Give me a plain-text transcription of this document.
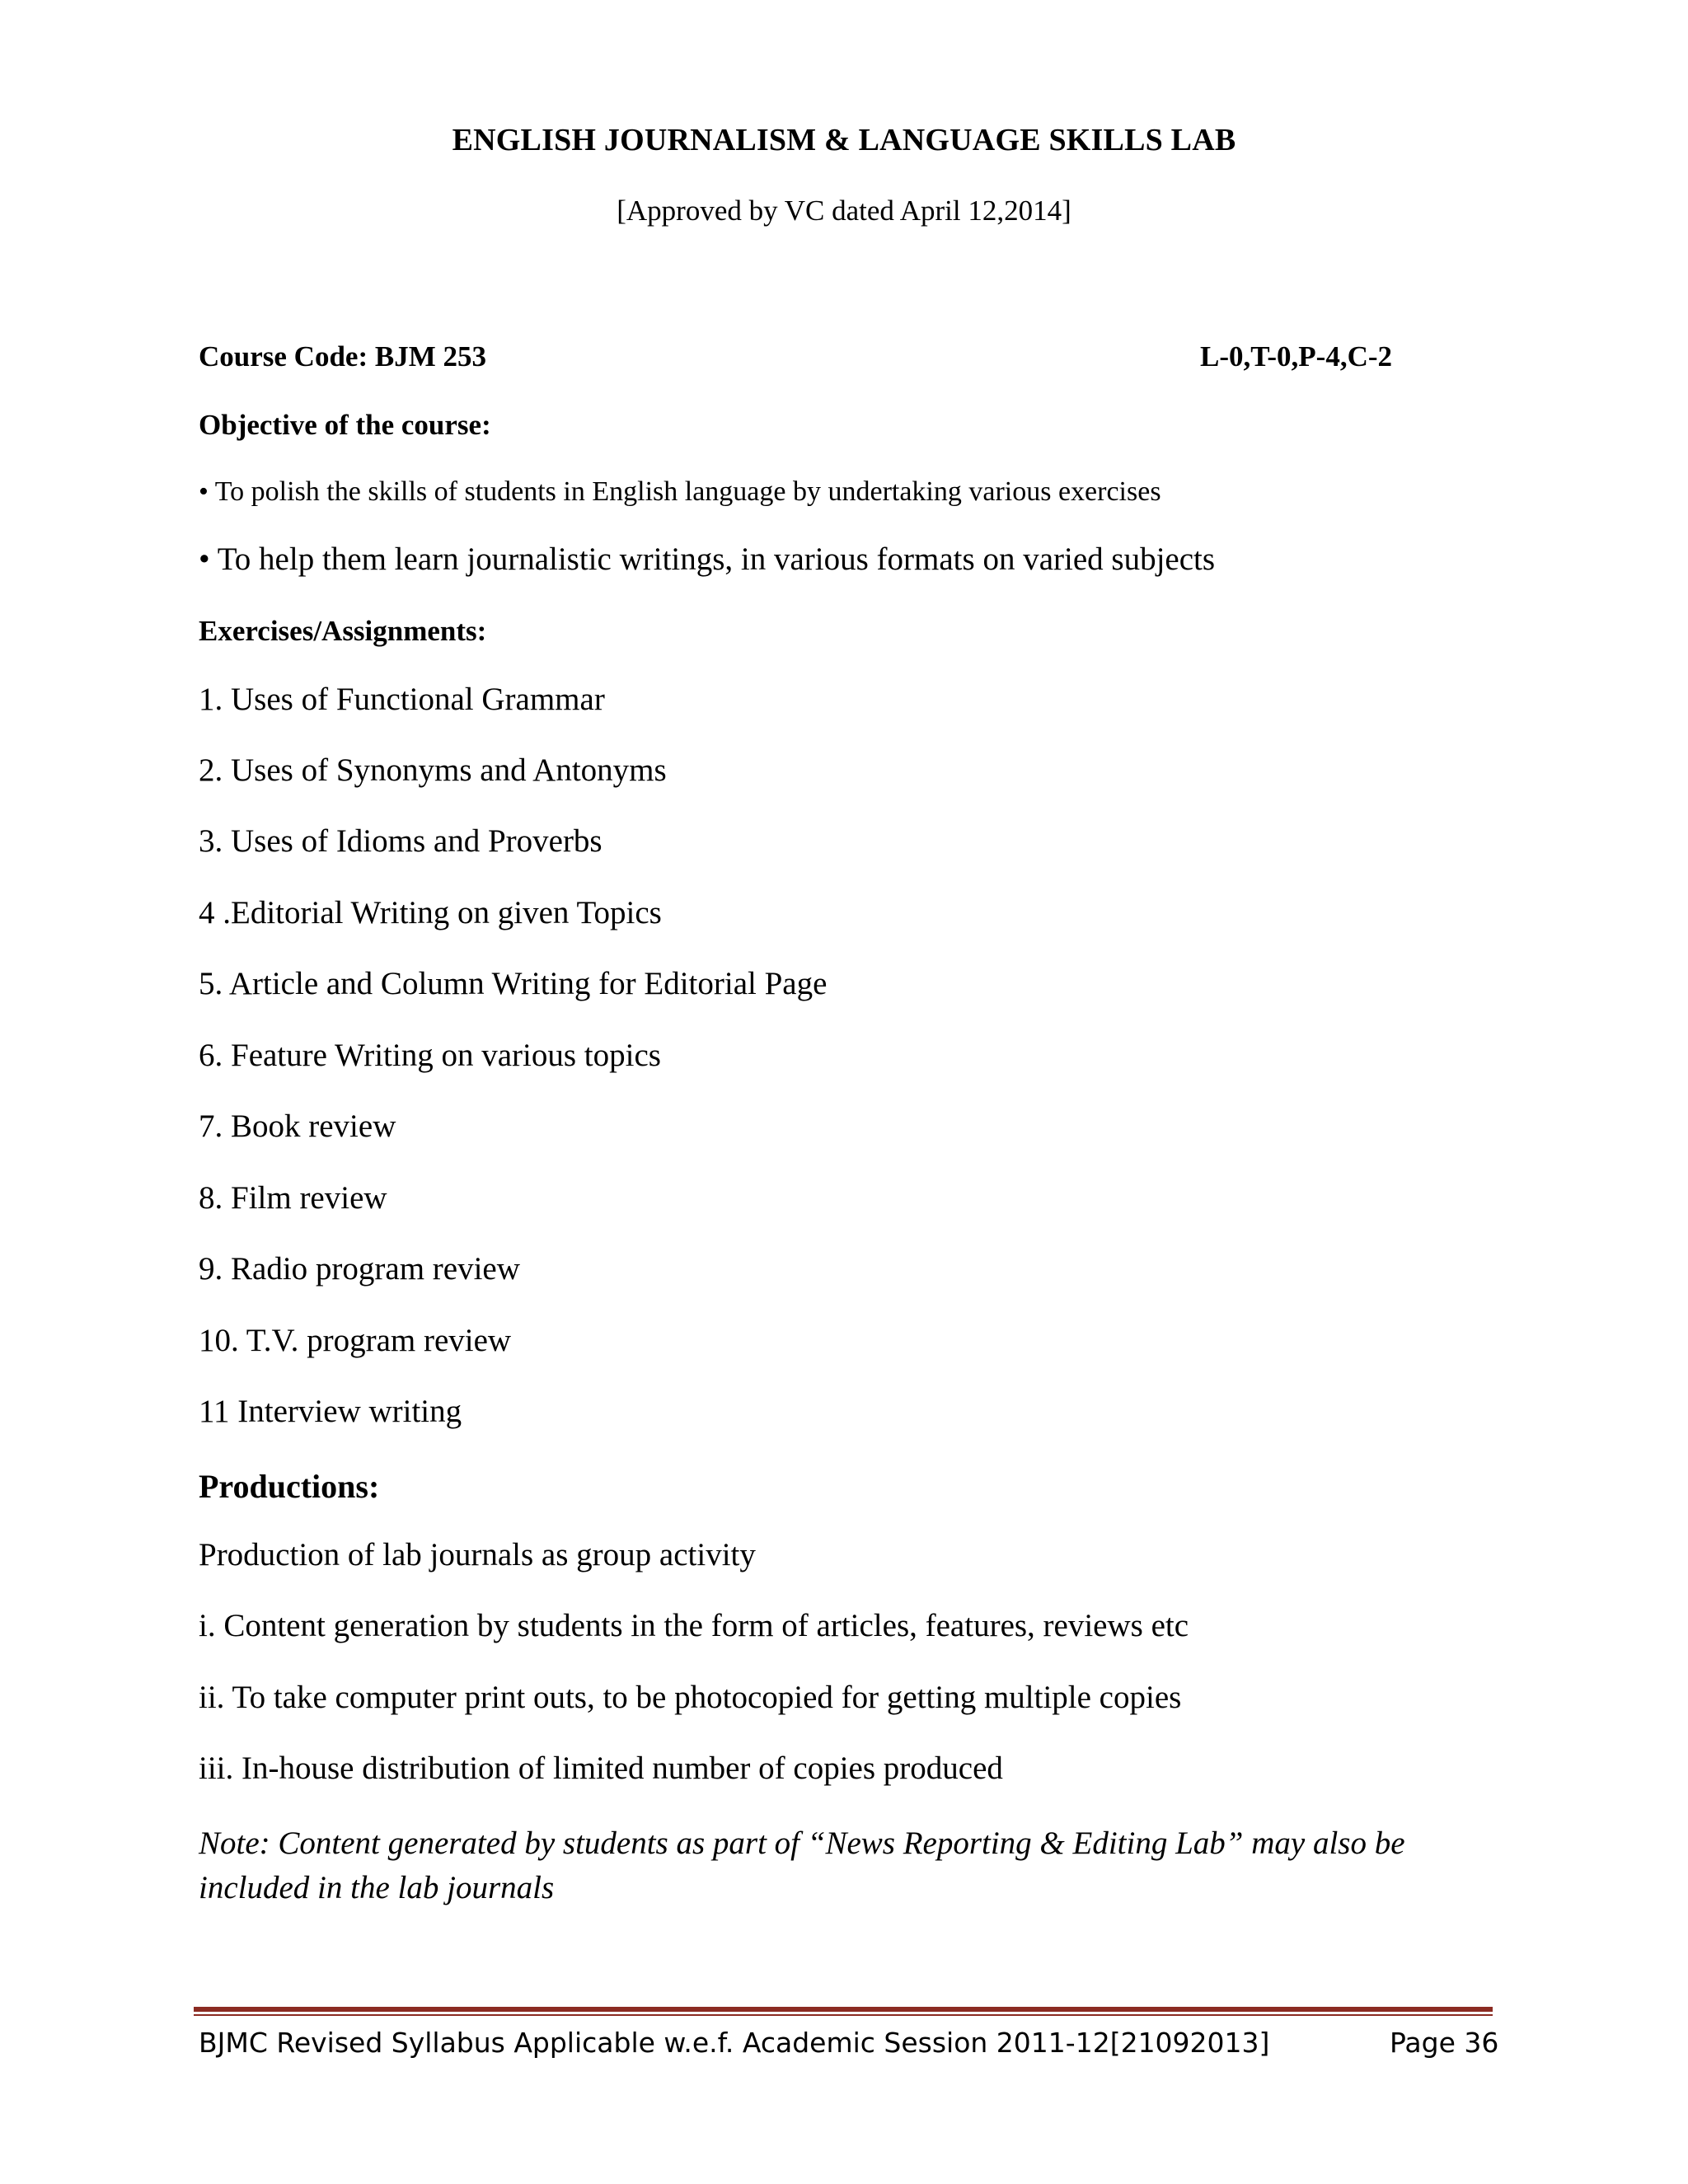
ENGLISH JOURNALISM & LANGUAGE SKILLS LAB
[Approved by VC dated April 12,2014]
Course Code: BJM 253	L-0,T-0,P-4,C-2
Objective of the course:
• To polish the skills of students in English language by undertaking various exercises
• To help them learn journalistic writings, in various formats on varied subjects
Exercises/Assignments:
1. Uses of Functional Grammar
2. Uses of Synonyms and Antonyms
3. Uses of Idioms and Proverbs
4 .Editorial Writing on given Topics
5. Article and Column Writing for Editorial Page
6. Feature Writing on various topics
7. Book review
8. Film review
9. Radio program review
10. T.V. program review
11 Interview writing
Productions:
Production of lab journals as group activity
i. Content generation by students in the form of articles, features, reviews etc
ii. To take computer print outs, to be photocopied for getting multiple copies
iii. In-house distribution of limited number of copies produced
Note: Content generated by students as part of “News Reporting & Editing Lab” may also be included in the lab journals
BJMC Revised Syllabus Applicable w.e.f. Academic Session 2011-12[21092013]	Page 36
